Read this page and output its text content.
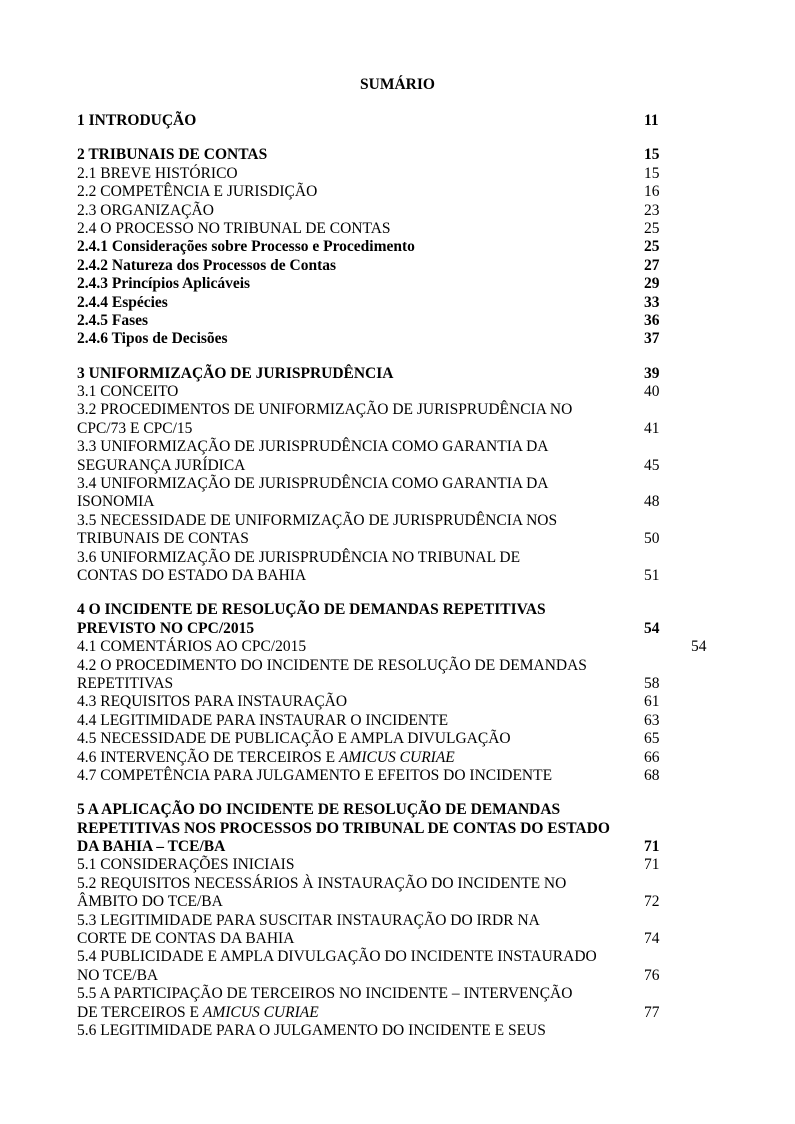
SUMÁRIO
1 INTRODUÇÃO	11
2 TRIBUNAIS DE CONTAS	15
2.1 BREVE HISTÓRICO	15
2.2 COMPETÊNCIA E JURISDIÇÃO	16
2.3 ORGANIZAÇÃO	23
2.4 O PROCESSO NO TRIBUNAL DE CONTAS	25
2.4.1 Considerações sobre Processo e Procedimento	25
2.4.2 Natureza dos Processos de Contas	27
2.4.3 Princípios Aplicáveis	29
2.4.4 Espécies	33
2.4.5 Fases	36
2.4.6 Tipos de Decisões	37
3 UNIFORMIZAÇÃO DE JURISPRUDÊNCIA	39
3.1 CONCEITO	40
3.2 PROCEDIMENTOS DE UNIFORMIZAÇÃO DE JURISPRUDÊNCIA NO
CPC/73 E CPC/15	41
3.3 UNIFORMIZAÇÃO DE JURISPRUDÊNCIA COMO GARANTIA DA
SEGURANÇA JURÍDICA	45
3.4 UNIFORMIZAÇÃO DE JURISPRUDÊNCIA COMO GARANTIA DA
ISONOMIA	48
3.5 NECESSIDADE DE UNIFORMIZAÇÃO DE JURISPRUDÊNCIA NOS
TRIBUNAIS DE CONTAS	50
3.6 UNIFORMIZAÇÃO DE JURISPRUDÊNCIA NO TRIBUNAL DE
CONTAS DO ESTADO DA BAHIA	51
4 O INCIDENTE DE RESOLUÇÃO DE DEMANDAS REPETITIVAS
PREVISTO NO CPC/2015	54
4.1 COMENTÁRIOS AO CPC/2015	54
4.2 O PROCEDIMENTO DO INCIDENTE DE RESOLUÇÃO DE DEMANDAS
REPETITIVAS	58
4.3 REQUISITOS PARA INSTAURAÇÃO	61
4.4 LEGITIMIDADE PARA INSTAURAR O INCIDENTE	63
4.5 NECESSIDADE DE PUBLICAÇÃO E AMPLA DIVULGAÇÃO	65
4.6 INTERVENÇÃO DE TERCEIROS E AMICUS CURIAE	66
4.7 COMPETÊNCIA PARA JULGAMENTO E EFEITOS DO INCIDENTE	68
5 A APLICAÇÃO DO INCIDENTE DE RESOLUÇÃO DE DEMANDAS
REPETITIVAS NOS PROCESSOS DO TRIBUNAL DE CONTAS DO ESTADO
DA BAHIA – TCE/BA	71
5.1 CONSIDERAÇÕES INICIAIS	71
5.2 REQUISITOS NECESSÁRIOS À INSTAURAÇÃO DO INCIDENTE NO
ÂMBITO DO TCE/BA	72
5.3 LEGITIMIDADE PARA SUSCITAR INSTAURAÇÃO DO IRDR NA
CORTE DE CONTAS DA BAHIA	74
5.4 PUBLICIDADE E AMPLA DIVULGAÇÃO DO INCIDENTE INSTAURADO
NO TCE/BA	76
5.5 A PARTICIPAÇÃO DE TERCEIROS NO INCIDENTE – INTERVENÇÃO
DE TERCEIROS E AMICUS CURIAE	77
5.6 LEGITIMIDADE PARA O JULGAMENTO DO INCIDENTE E SEUS
